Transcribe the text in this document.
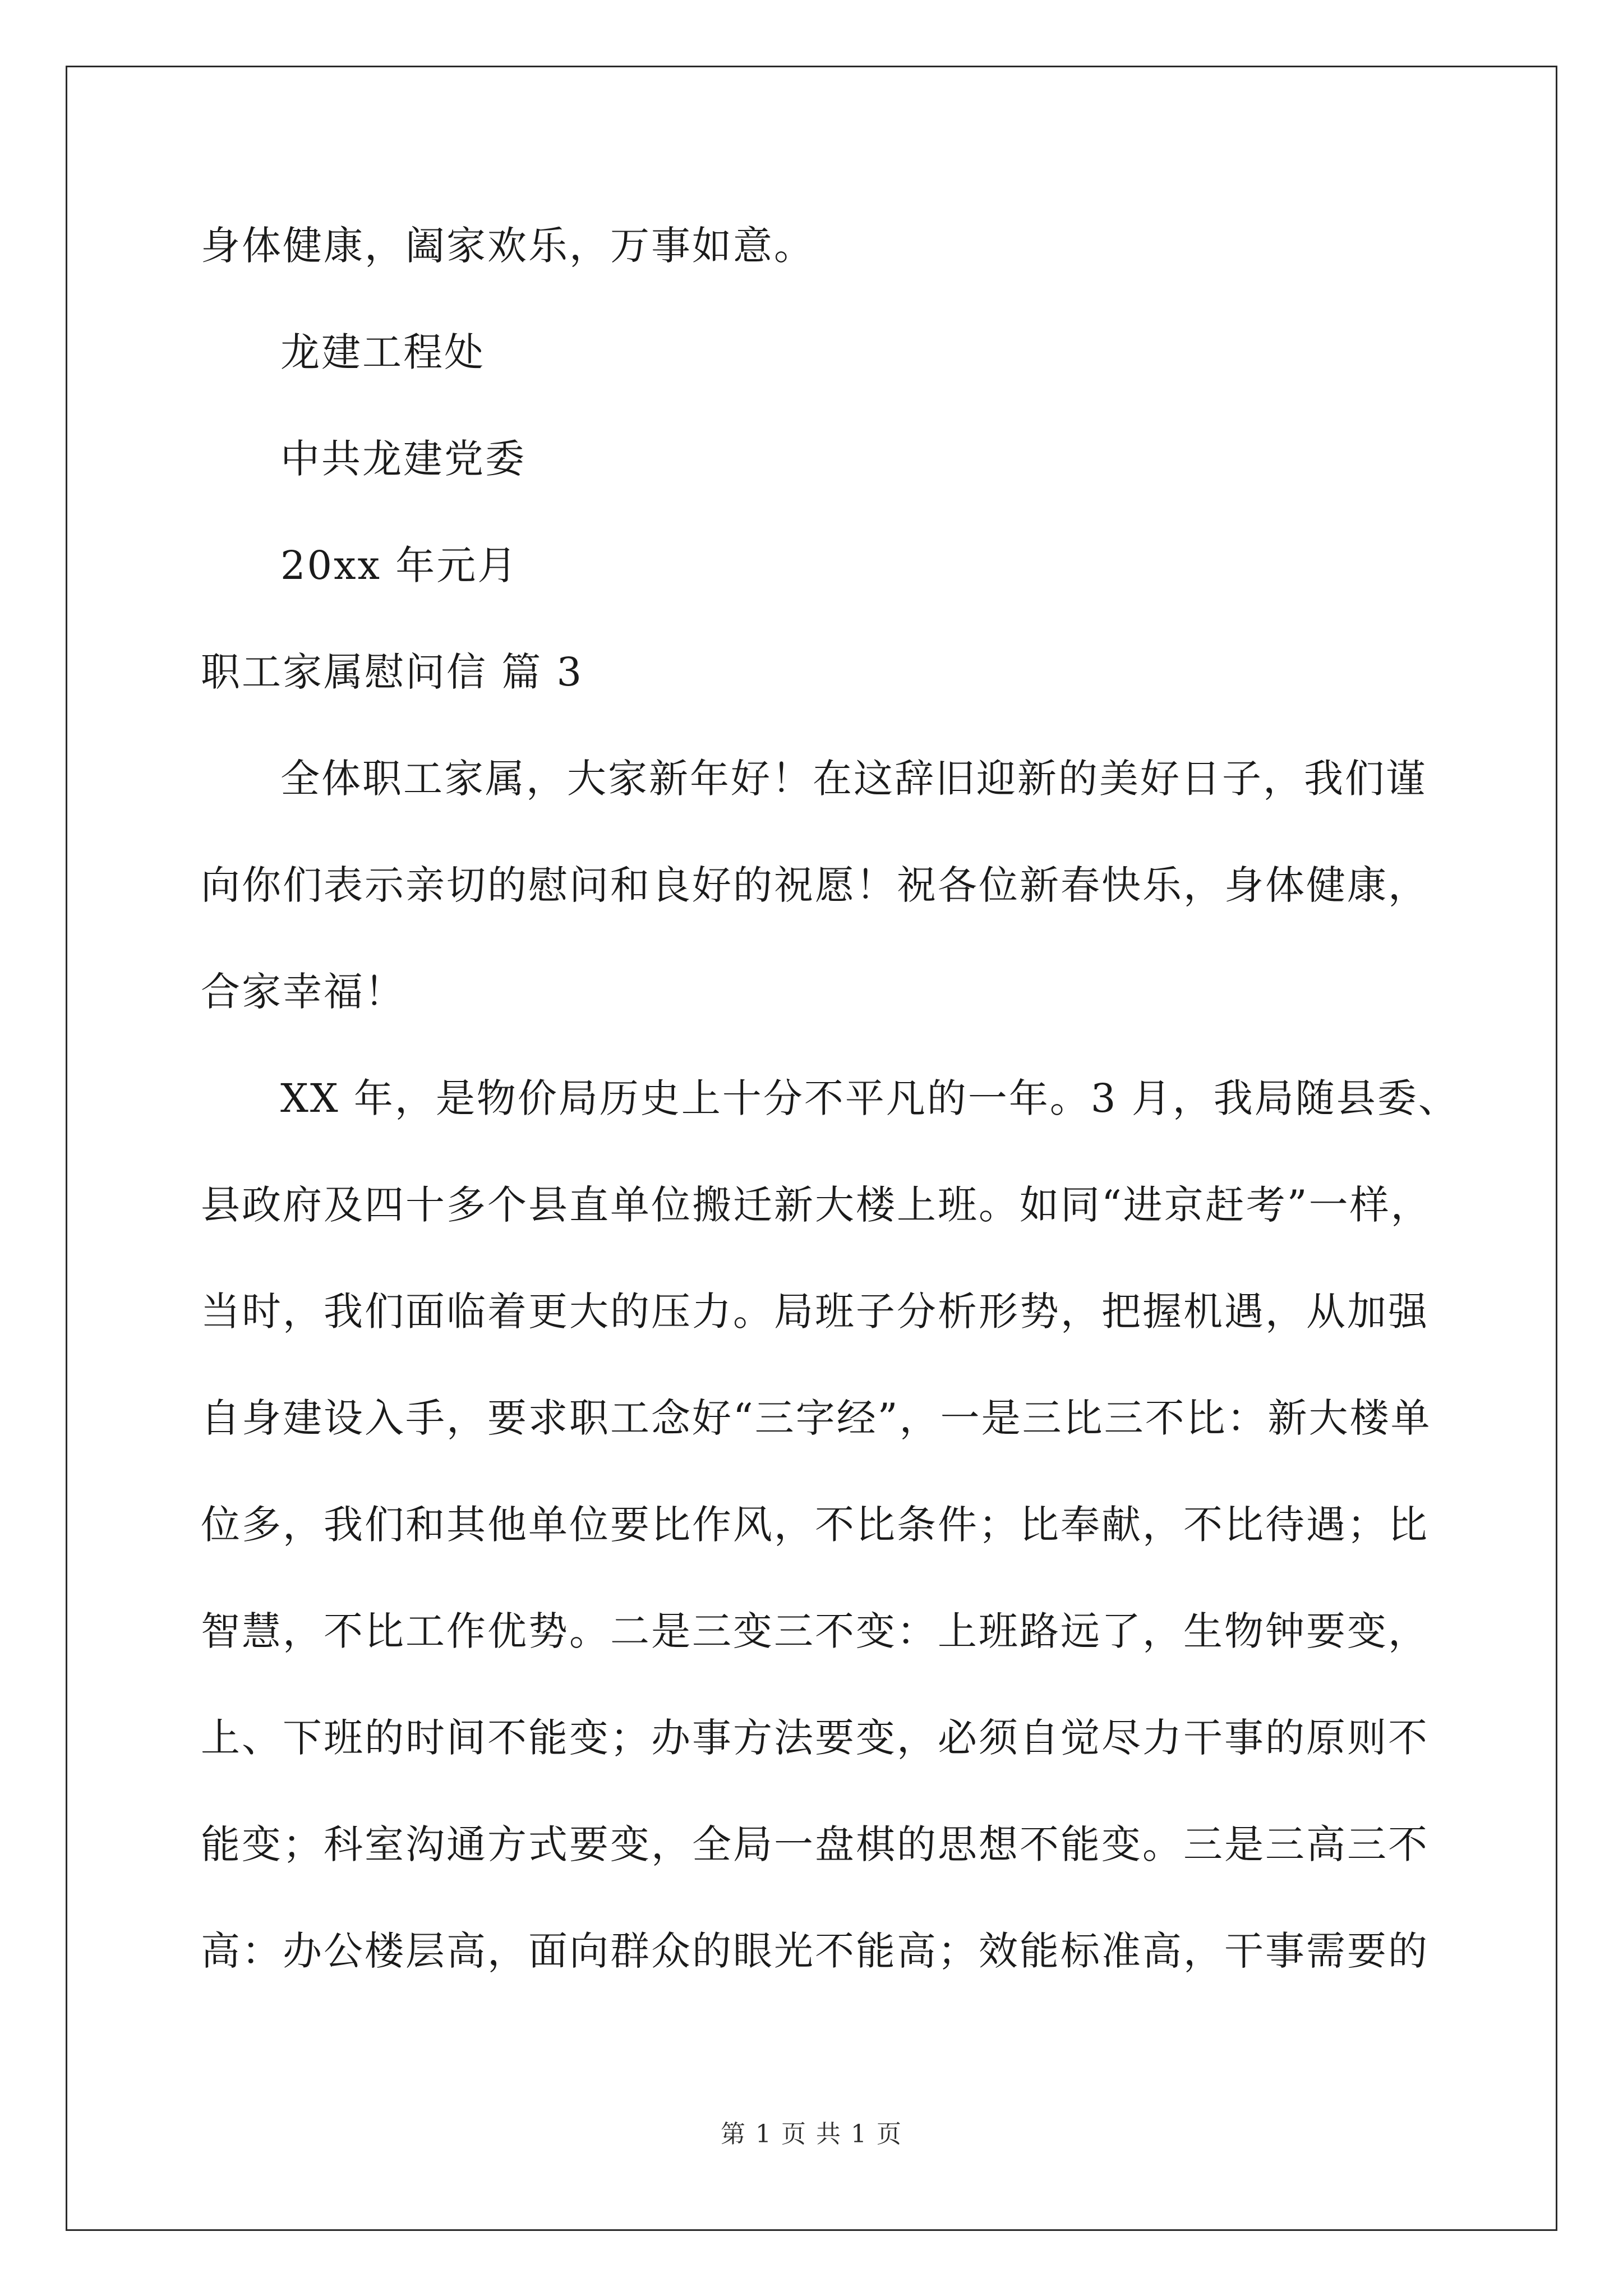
身体健康，阖家欢乐，万事如意。
龙建工程处
中共龙建党委
20xx 年元月
职工家属慰问信 篇 3
全体职工家属，大家新年好！在这辞旧迎新的美好日子，我们谨
向你们表示亲切的慰问和良好的祝愿！祝各位新春快乐，身体健康，
合家幸福！
XX 年，是物价局历史上十分不平凡的一年。3 月，我局随县委、
县政府及四十多个县直单位搬迁新大楼上班。如同“进京赶考”一样，
当时，我们面临着更大的压力。局班子分析形势，把握机遇，从加强
自身建设入手，要求职工念好“三字经”，一是三比三不比：新大楼单
位多，我们和其他单位要比作风，不比条件；比奉献，不比待遇；比
智慧，不比工作优势。二是三变三不变：上班路远了，生物钟要变，
上、下班的时间不能变；办事方法要变，必须自觉尽力干事的原则不
能变；科室沟通方式要变，全局一盘棋的思想不能变。三是三高三不
高：办公楼层高，面向群众的眼光不能高；效能标准高，干事需要的
第 1 页 共 1 页
